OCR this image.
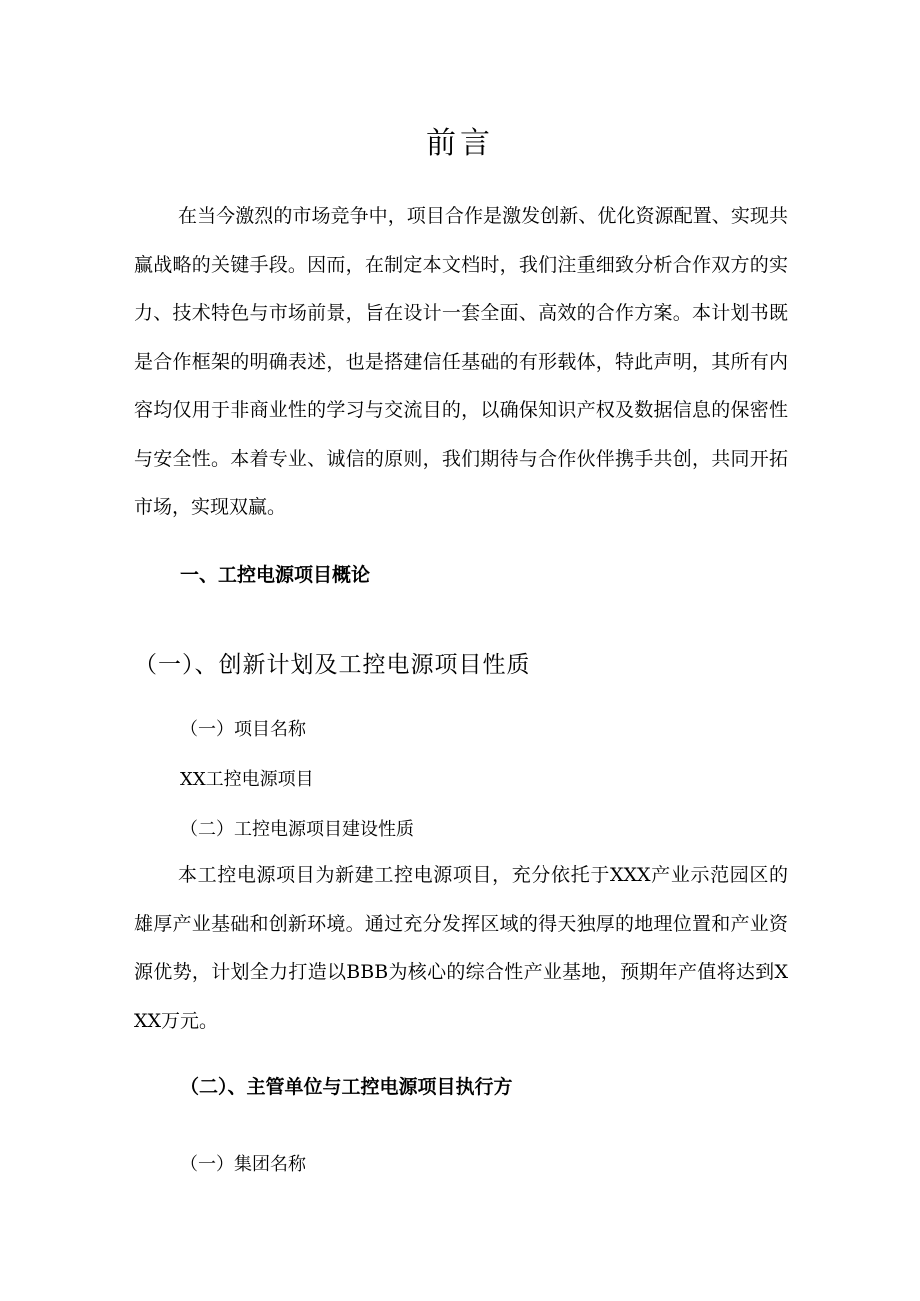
前言

在当今激烈的市场竞争中，项目合作是激发创新、优化资源配置、实现共赢战略的关键手段。因而，在制定本文档时，我们注重细致分析合作双方的实力、技术特色与市场前景，旨在设计一套全面、高效的合作方案。本计划书既是合作框架的明确表述，也是搭建信任基础的有形载体，特此声明，其所有内容均仅用于非商业性的学习与交流目的，以确保知识产权及数据信息的保密性与安全性。本着专业、诚信的原则，我们期待与合作伙伴携手共创，共同开拓市场，实现双赢。

一、工控电源项目概论
（一）、创新计划及工控电源项目性质

（一）项目名称

XX工控电源项目

（二）工控电源项目建设性质

本工控电源项目为新建工控电源项目，充分依托于XXX产业示范园区的雄厚产业基础和创新环境。通过充分发挥区域的得天独厚的地理位置和产业资源优势，计划全力打造以BBB为核心的综合性产业基地，预期年产值将达到XXX万元。

（二）、主管单位与工控电源项目执行方

（一）集团名称
